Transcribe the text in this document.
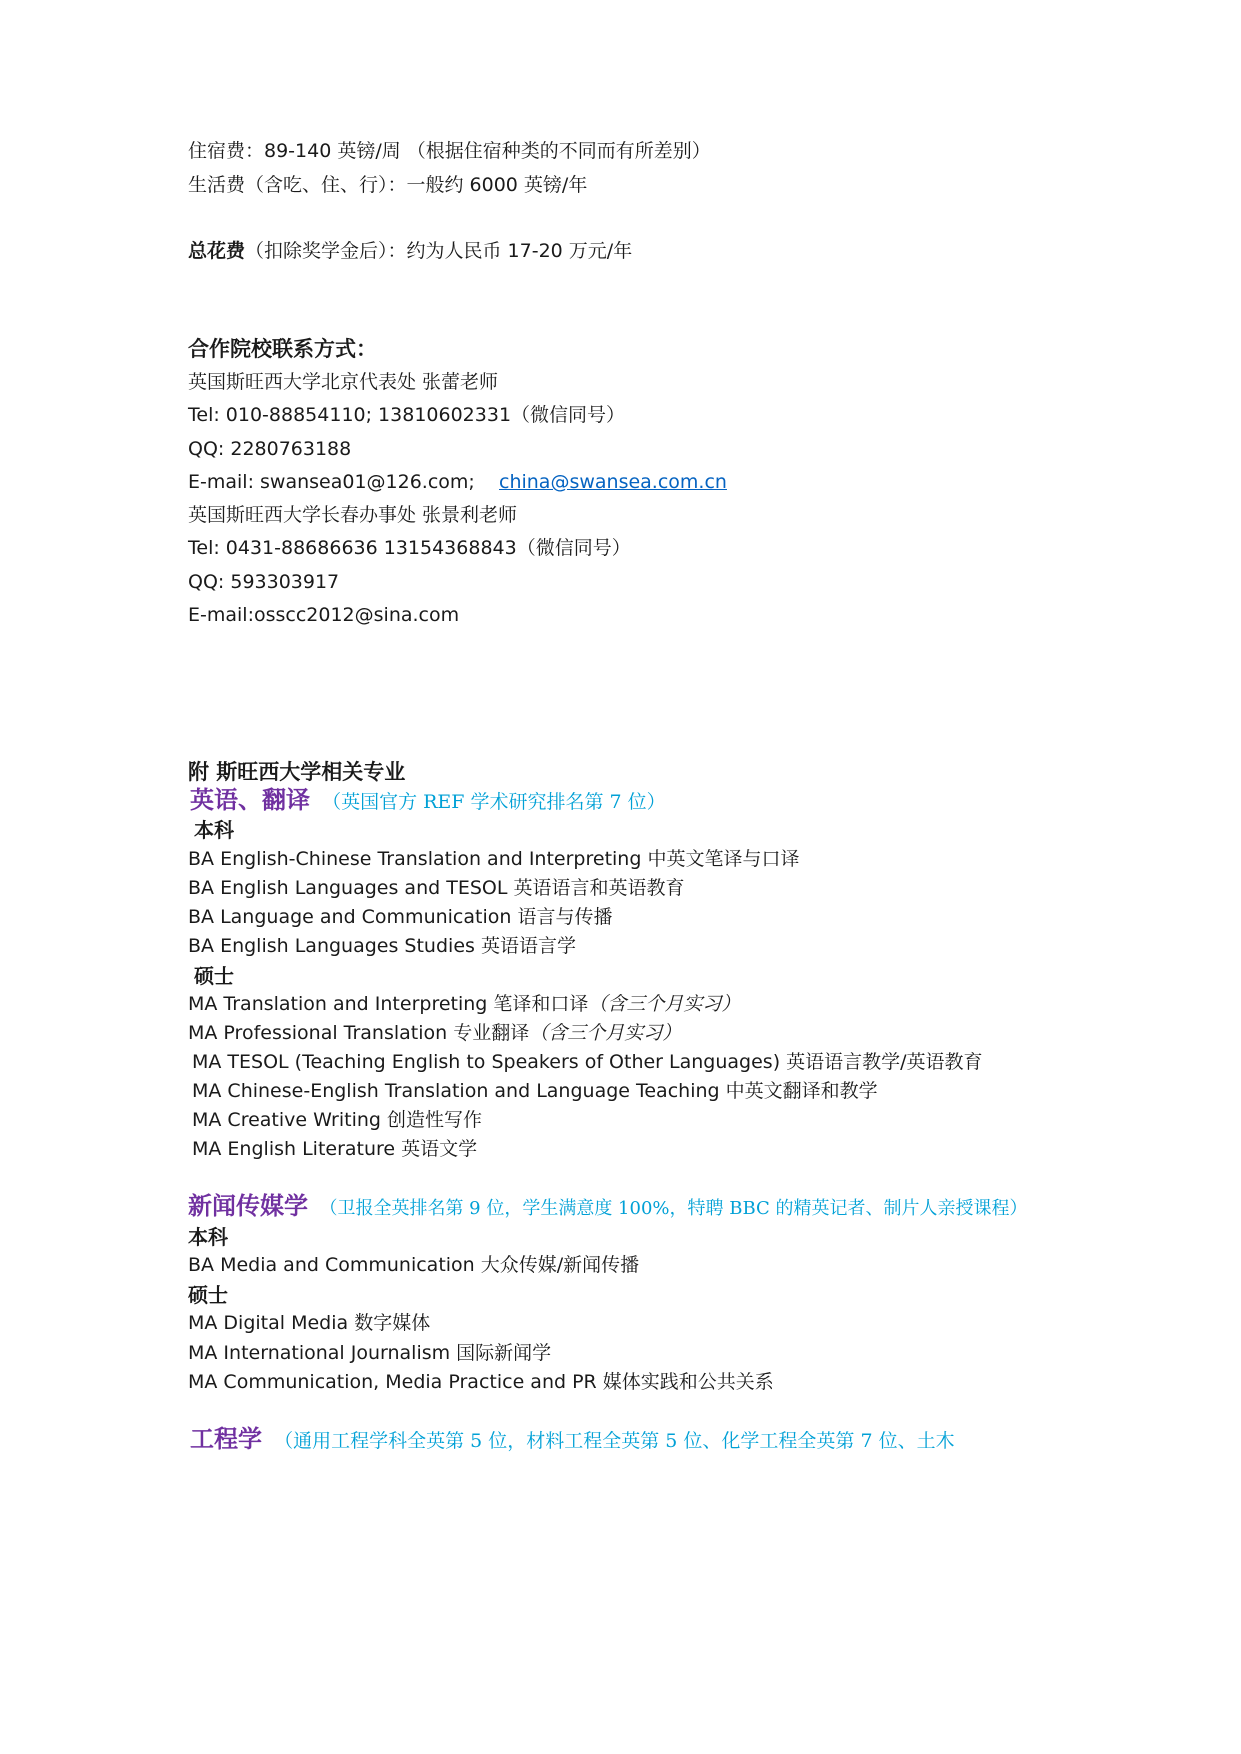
住宿费：89-140 英镑/周 （根据住宿种类的不同而有所差别）
生活费（含吃、住、行）：一般约 6000 英镑/年
总花费（扣除奖学金后）：约为人民币 17-20 万元/年
合作院校联系方式：
英国斯旺西大学北京代表处 张蕾老师
Tel: 010-88854110; 13810602331（微信同号）
QQ: 2280763188
E-mail: swansea01@126.com;    china@swansea.com.cn
英国斯旺西大学长春办事处 张景利老师
Tel: 0431-88686636 13154368843（微信同号）
QQ: 593303917
E-mail:osscc2012@sina.com
附 斯旺西大学相关专业
英语、翻译  （英国官方 REF 学术研究排名第 7 位）
本科
BA English-Chinese Translation and Interpreting 中英文笔译与口译
BA English Languages and TESOL 英语语言和英语教育
BA Language and Communication 语言与传播
BA English Languages Studies 英语语言学
硕士
MA Translation and Interpreting 笔译和口译（含三个月实习）
MA Professional Translation 专业翻译（含三个月实习）
MA TESOL (Teaching English to Speakers of Other Languages) 英语语言教学/英语教育
MA Chinese-English Translation and Language Teaching 中英文翻译和教学
MA Creative Writing 创造性写作
MA English Literature 英语文学
新闻传媒学  （卫报全英排名第 9 位，学生满意度 100%，特聘 BBC 的精英记者、制片人亲授课程）
本科
BA Media and Communication 大众传媒/新闻传播
硕士
MA Digital Media 数字媒体
MA International Journalism 国际新闻学
MA Communication, Media Practice and PR 媒体实践和公共关系
工程学  （通用工程学科全英第 5 位，材料工程全英第 5 位、化学工程全英第 7 位、土木
